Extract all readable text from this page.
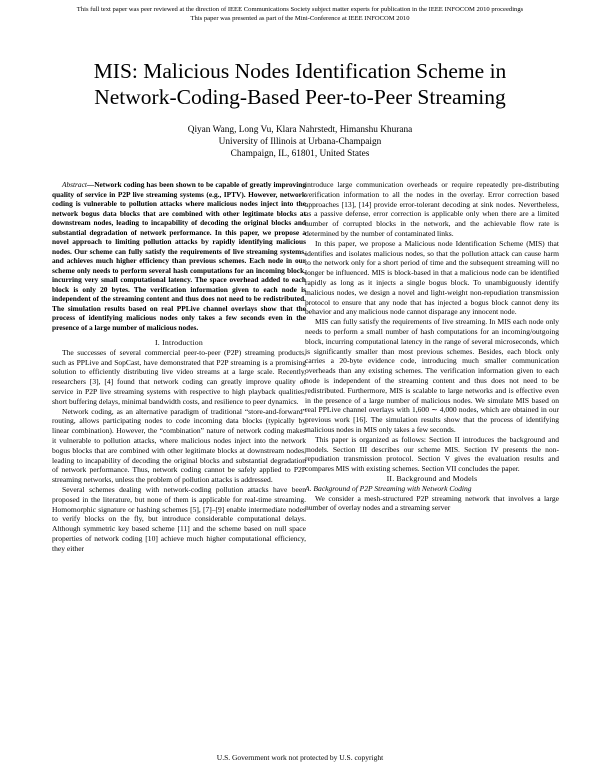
This full text paper was peer reviewed at the direction of IEEE Communications Society subject matter experts for publication in the IEEE INFOCOM 2010 proceedings
This paper was presented as part of the Mini-Conference at IEEE INFOCOM 2010
MIS: Malicious Nodes Identification Scheme in
Network-Coding-Based Peer-to-Peer Streaming
Qiyan Wang, Long Vu, Klara Nahrstedt, Himanshu Khurana
University of Illinois at Urbana-Champaign
Champaign, IL, 61801, United States

Abstract—Network coding has been shown to be capable of greatly improving quality of service in P2P live streaming systems (e.g., IPTV). However, network coding is vulnerable to pollution attacks where malicious nodes inject into the network bogus data blocks that are combined with other legitimate blocks at downstream nodes, leading to incapability of decoding the original blocks and substantial degradation of network performance. In this paper, we propose a novel approach to limiting pollution attacks by rapidly identifying malicious nodes. Our scheme can fully satisfy the requirements of live streaming systems, and achieves much higher efficiency than previous schemes. Each node in our scheme only needs to perform several hash computations for an incoming block, incurring very small computational latency. The space overhead added to each block is only 20 bytes. The verification information given to each node is independent of the streaming content and thus does not need to be redistributed. The simulation results based on real PPLive channel overlays show that the process of identifying malicious nodes only takes a few seconds even in the presence of a large number of malicious nodes.

I. Introduction

The successes of several commercial peer-to-peer (P2P) streaming products, such as PPLive and SopCast, have demonstrated that P2P streaming is a promising solution to efficiently distributing live video streams at a large scale. Recently, researchers [3], [4] found that network coding can greatly improve quality of service in P2P live streaming systems with respective to high playback qualities, short buffering delays, minimal bandwidth costs, and resilience to peer dynamics.

Network coding, as an alternative paradigm of traditional “store-and-forward” routing, allows participating nodes to code incoming data blocks (typically by linear combination). However, the “combination” nature of network coding makes it vulnerable to pollution attacks, where malicious nodes inject into the network bogus blocks that are combined with other legitimate blocks at downstream nodes, leading to incapability of decoding the original blocks and substantial degradation of network performance. Thus, network coding cannot be safely applied to P2P streaming networks, unless the problem of pollution attacks is addressed.

Several schemes dealing with network-coding pollution attacks have been proposed in the literature, but none of them is applicable for real-time streaming. Homomorphic signature or hashing schemes [5], [7]–[9] enable intermediate nodes to verify blocks on the fly, but introduce considerable computational delays. Although symmetric key based scheme [11] and the scheme based on null space properties of network coding [10] achieve much higher computational efficiency, they either

introduce large communication overheads or require repeatedly pre-distributing verification information to all the nodes in the overlay. Error correction based approaches [13], [14] provide error-tolerant decoding at sink nodes. Nevertheless, as a passive defense, error correction is applicable only when there are a limited number of corrupted blocks in the network, and the achievable flow rate is determined by the number of contaminated links.

In this paper, we propose a Malicious node Identification Scheme (MIS) that identifies and isolates malicious nodes, so that the pollution attack can cause harm to the network only for a short period of time and the subsequent streaming will no longer be influenced. MIS is block-based in that a malicious node can be identified rapidly as long as it injects a single bogus block. To unambiguously identify malicious nodes, we design a novel and light-weight non-repudiation transmission protocol to ensure that any node that has injected a bogus block cannot deny its behavior and any malicious node cannot disparage any innocent node.

MIS can fully satisfy the requirements of live streaming. In MIS each node only needs to perform a small number of hash computations for an incoming/outgoing block, incurring computational latency in the range of several microseconds, which is significantly smaller than most previous schemes. Besides, each block only carries a 20-byte evidence code, introducing much smaller communication overheads than any existing schemes. The verification information given to each node is independent of the streaming content and thus does not need to be redistributed. Furthermore, MIS is scalable to large networks and is effective even in the presence of a large number of malicious nodes. We simulate MIS based on real PPLive channel overlays with 1,600 ∼ 4,000 nodes, which are obtained in our previous work [16]. The simulation results show that the process of identifying malicious nodes in MIS only takes a few seconds.

This paper is organized as follows: Section II introduces the background and models. Section III describes our scheme MIS. Section IV presents the non-repudiation transmission protocol. Section V gives the evaluation results and compares MIS with existing schemes. Section VII concludes the paper.

II. Background and Models

A. Background of P2P Streaming with Network Coding

We consider a mesh-structured P2P streaming network that involves a large number of overlay nodes and a streaming server

U.S. Government work not protected by U.S. copyright
